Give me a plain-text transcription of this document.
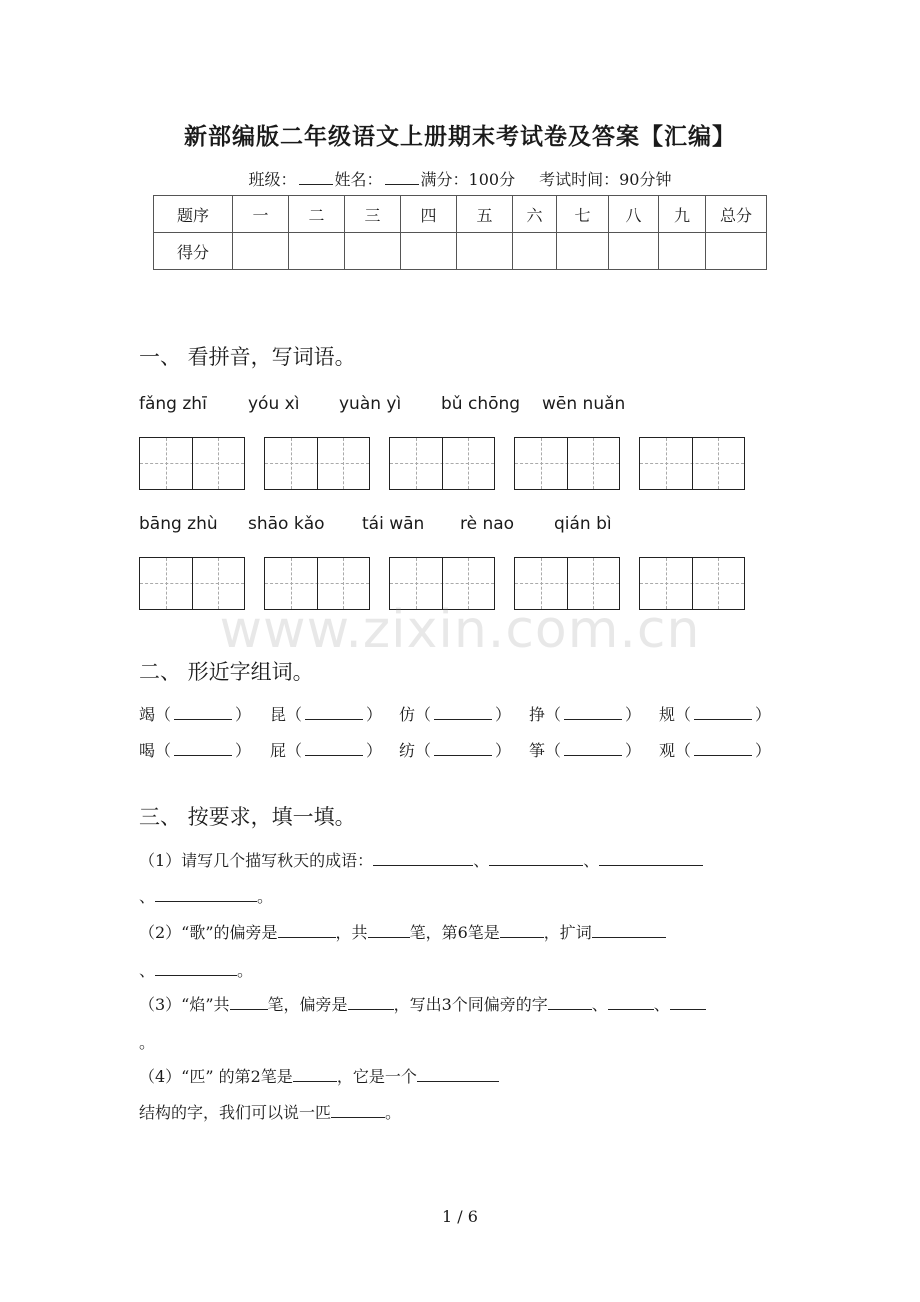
新部编版二年级语文上册期末考试卷及答案【汇编】
班级： 姓名： 满分：100分 考试时间：90分钟
题序	一	二	三	四	五	六	七	八	九	总分
得分										
一、 看拼音，写词语。
fǎng zhī yóu xì yuàn yì bǔ chōng wēn nuǎn
bāng zhù shāo kǎo tái wān rè nao qián bì
www.zixin.com.cn
二、 形近字组词。
竭（	） 昆（	） 仿（	） 挣（	） 规（	）
喝（	） 屁（	） 纺（	） 筝（	） 观（	）
三、 按要求，填一填。
（1）请写几个描写秋天的成语：	、	、
、	。
（2）“歌”的偏旁是	，共	笔，第6笔是	，扩词
、	。
（3）“焰”共 笔，偏旁是	，写出3个同偏旁的字	、	、
。
（4）“匹” 的第2笔是	，它是一个
结构的字，我们可以说一匹	。
1 / 6
